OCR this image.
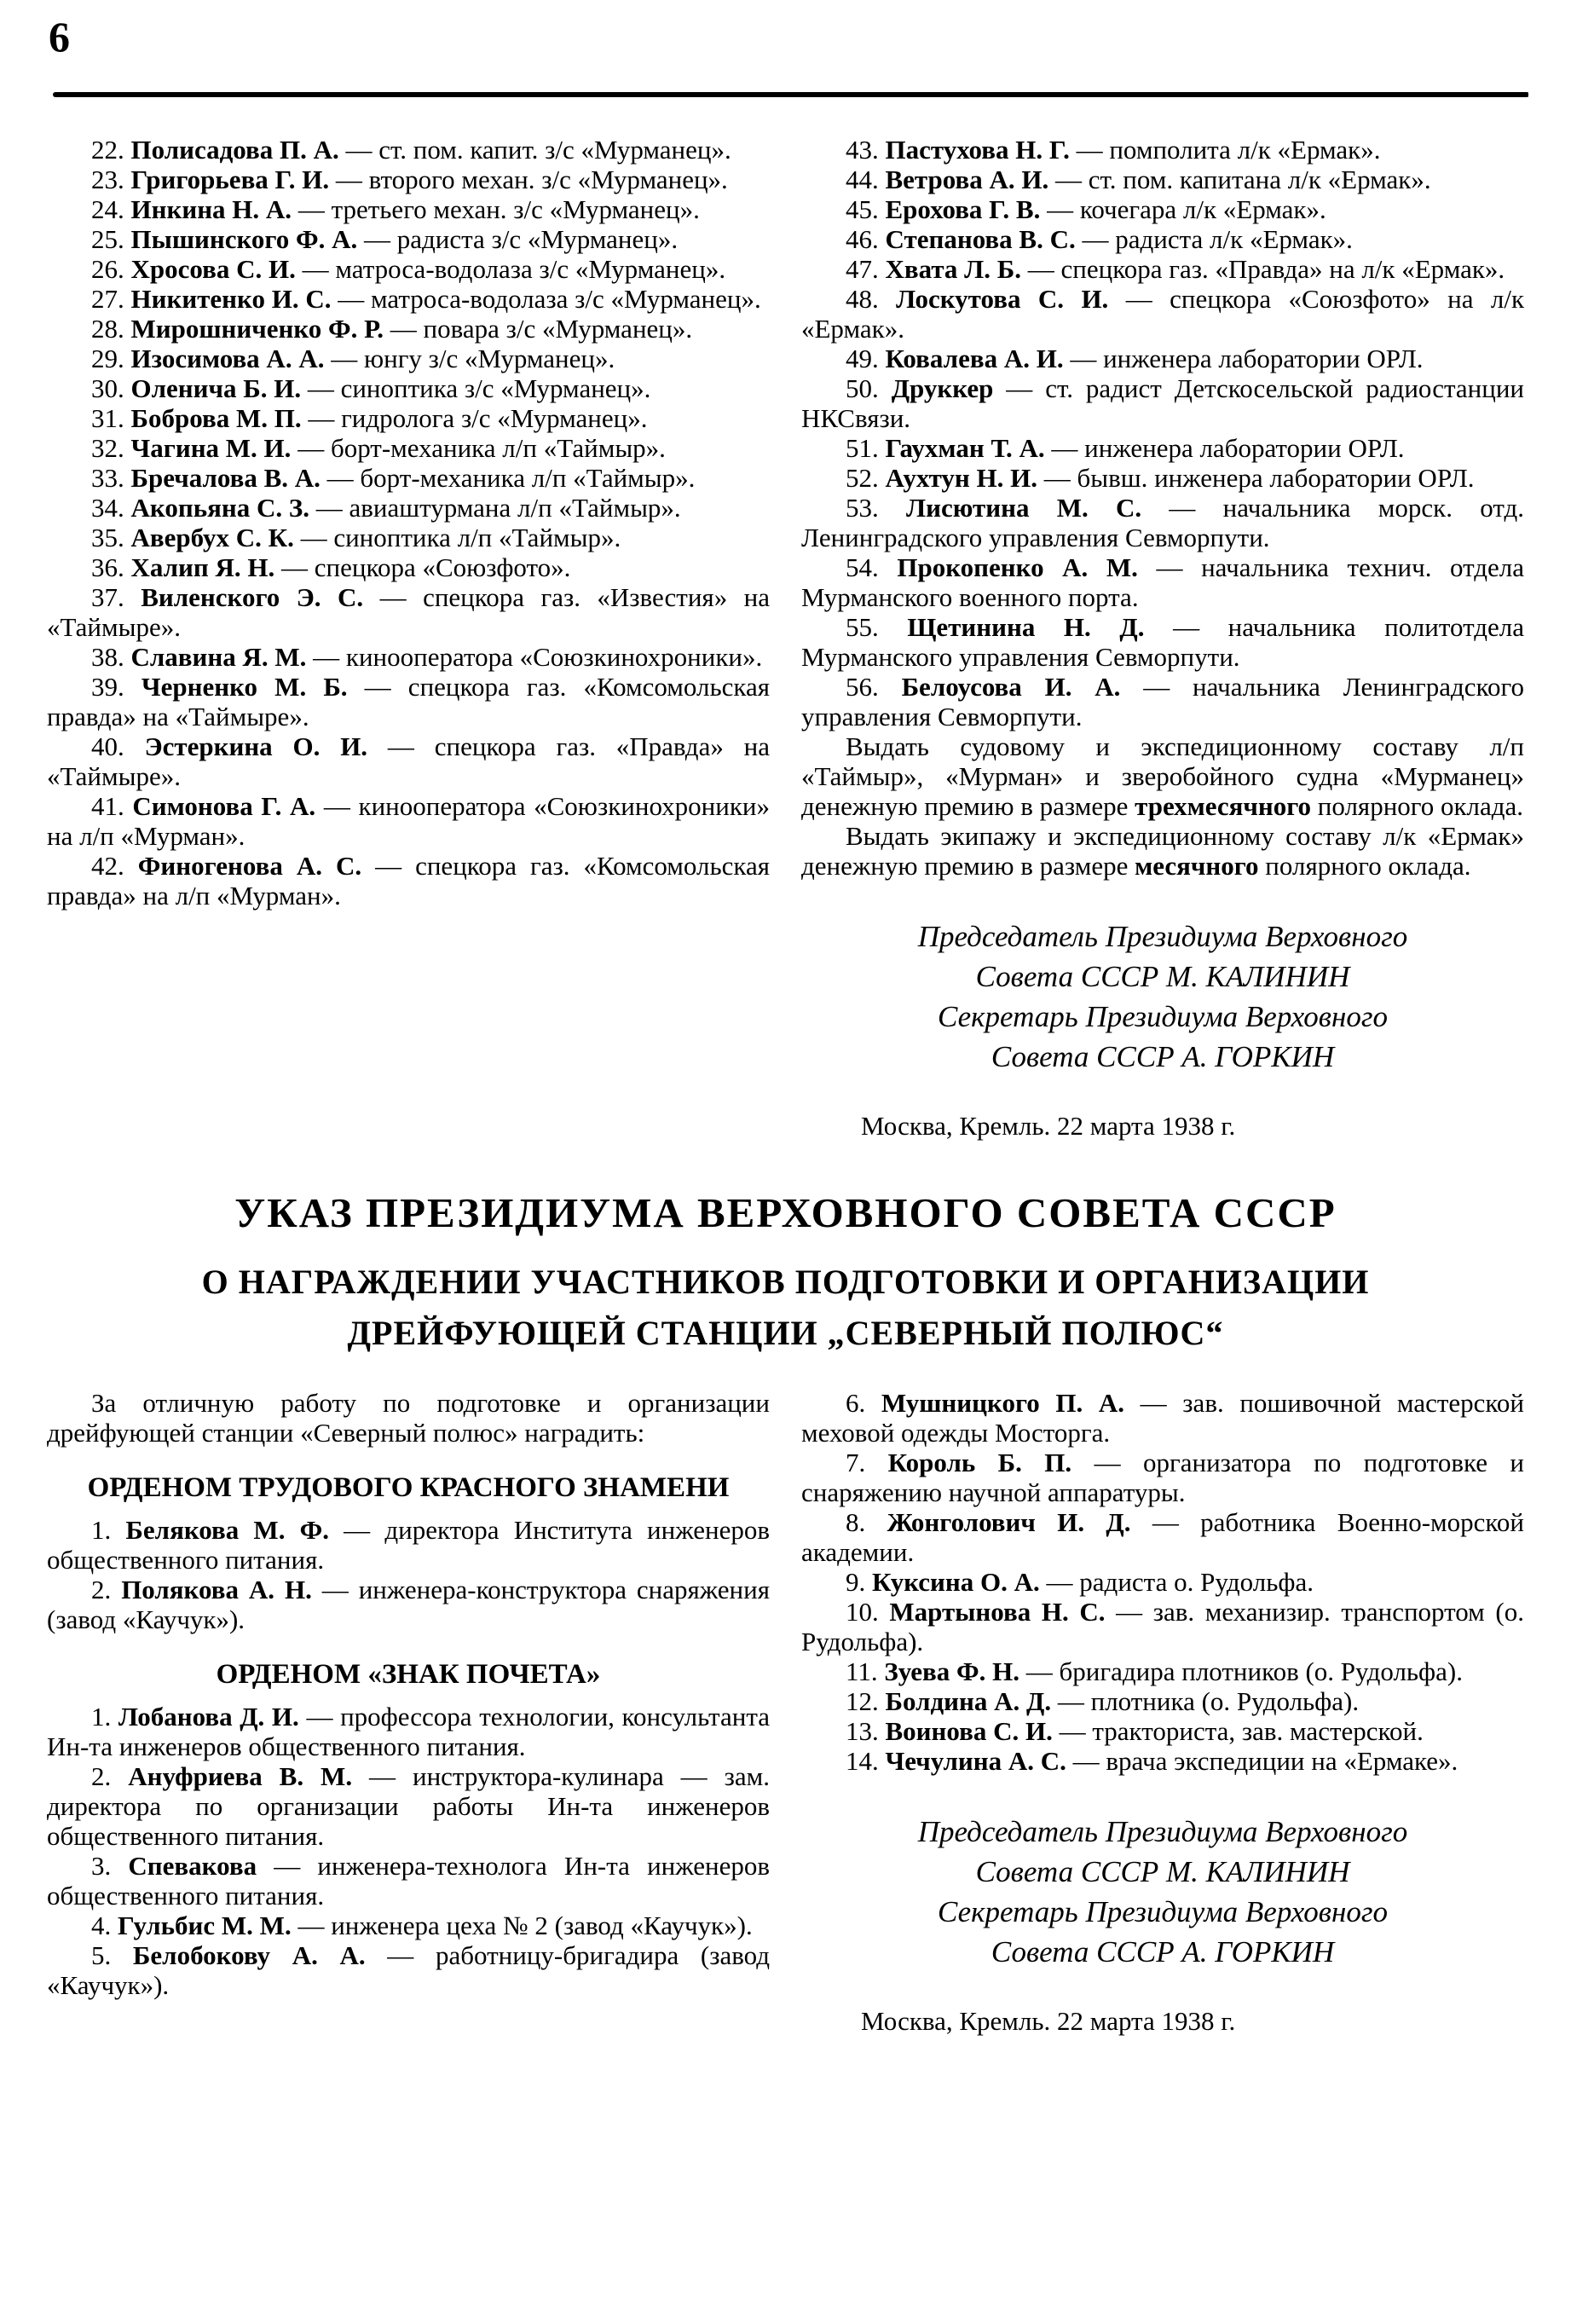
6

22. Полисадова П. А. — ст. пом. капит. з/с «Мурманец».

23. Григорьева Г. И. — второго механ. з/с «Мурманец».

24. Инкина Н. А. — третьего механ. з/с «Мурманец».

25. Пышинского Ф. А. — радиста з/с «Мурманец».

26. Хросова С. И. — матроса-водолаза з/с «Мурманец».

27. Никитенко И. С. — матроса-водолаза з/с «Мурманец».

28. Мирошниченко Ф. Р. — повара з/с «Мурманец».

29. Изосимова А. А. — юнгу з/с «Мурманец».

30. Оленича Б. И. — синоптика з/с «Мурманец».

31. Боброва М. П. — гидролога з/с «Мурманец».

32. Чагина М. И. — борт-механика л/п «Таймыр».

33. Бречалова В. А. — борт-механика л/п «Таймыр».

34. Акопьяна С. З. — авиаштурмана л/п «Таймыр».

35. Авербух С. К. — синоптика л/п «Таймыр».

36. Халип Я. Н. — спецкора «Союзфото».

37. Виленского Э. С. — спецкора газ. «Известия» на «Таймыре».

38. Славина Я. М. — кинооператора «Союзкинохроники».

39. Черненко М. Б. — спецкора газ. «Комсомольская правда» на «Таймыре».

40. Эстеркина О. И. — спецкора газ. «Правда» на «Таймыре».

41. Симонова Г. А. — кинооператора «Союзкинохроники» на л/п «Мурман».

42. Финогенова А. С. — спецкора газ. «Комсомольская правда» на л/п «Мурман».

43. Пастухова Н. Г. — помполита л/к «Ермак».

44. Ветрова А. И. — ст. пом. капитана л/к «Ермак».

45. Ерохова Г. В. — кочегара л/к «Ермак».

46. Степанова В. С. — радиста л/к «Ермак».

47. Хвата Л. Б. — спецкора газ. «Правда» на л/к «Ермак».

48. Лоскутова С. И. — спецкора «Союзфото» на л/к «Ермак».

49. Ковалева А. И. — инженера лаборатории ОРЛ.

50. Друккер — ст. радист Детскосельской радиостанции НКСвязи.

51. Гаухман Т. А. — инженера лаборатории ОРЛ.

52. Аухтун Н. И. — бывш. инженера лаборатории ОРЛ.

53. Лисютина М. С. — начальника морск. отд. Ленинградского управления Севморпути.

54. Прокопенко А. М. — начальника технич. отдела Мурманского военного порта.

55. Щетинина Н. Д. — начальника политотдела Мурманского управления Севморпути.

56. Белоусова И. А. — начальника Ленинградского управления Севморпути.

Выдать судовому и экспедиционному составу л/п «Таймыр», «Мурман» и зверобойного судна «Мурманец» денежную премию в размере трехмесячного полярного оклада.

Выдать экипажу и экспедиционному составу л/к «Ермак» денежную премию в размере месячного полярного оклада.

Председатель Президиума Верховного
Совета СССР М. КАЛИНИН
Секретарь Президиума Верховного
Совета СССР А. ГОРКИН
Москва, Кремль. 22 марта 1938 г.
УКАЗ ПРЕЗИДИУМА ВЕРХОВНОГО СОВЕТА СССР
О НАГРАЖДЕНИИ УЧАСТНИКОВ ПОДГОТОВКИ И ОРГАНИЗАЦИИ
ДРЕЙФУЮЩЕЙ СТАНЦИИ „СЕВЕРНЫЙ ПОЛЮС“

За отличную работу по подготовке и организации дрейфующей станции «Северный полюс» наградить:

ОРДЕНОМ ТРУДОВОГО КРАСНОГО ЗНАМЕНИ

1. Белякова М. Ф. — директора Института инженеров общественного питания.

2. Полякова А. Н. — инженера-конструктора снаряжения (завод «Каучук»).

ОРДЕНОМ «ЗНАК ПОЧЕТА»

1. Лобанова Д. И. — профессора технологии, консультанта Ин-та инженеров общественного питания.

2. Ануфриева В. М. — инструктора-кулинара — зам. директора по организации работы Ин-та инженеров общественного питания.

3. Спевакова — инженера-технолога Ин-та инженеров общественного питания.

4. Гульбис М. М. — инженера цеха № 2 (завод «Каучук»).

5. Белобокову А. А. — работницу-бригадира (завод «Каучук»).

6. Мушницкого П. А. — зав. пошивочной мастерской меховой одежды Мосторга.

7. Король Б. П. — организатора по подготовке и снаряжению научной аппаратуры.

8. Жонголович И. Д. — работника Военно-морской академии.

9. Куксина О. А. — радиста о. Рудольфа.

10. Мартынова Н. С. — зав. механизир. транспортом (о. Рудольфа).

11. Зуева Ф. Н. — бригадира плотников (о. Рудольфа).

12. Болдина А. Д. — плотника (о. Рудольфа).

13. Воинова С. И. — тракториста, зав. мастерской.

14. Чечулина А. С. — врача экспедиции на «Ермаке».

Председатель Президиума Верховного
Совета СССР М. КАЛИНИН
Секретарь Президиума Верховного
Совета СССР А. ГОРКИН
Москва, Кремль. 22 марта 1938 г.
